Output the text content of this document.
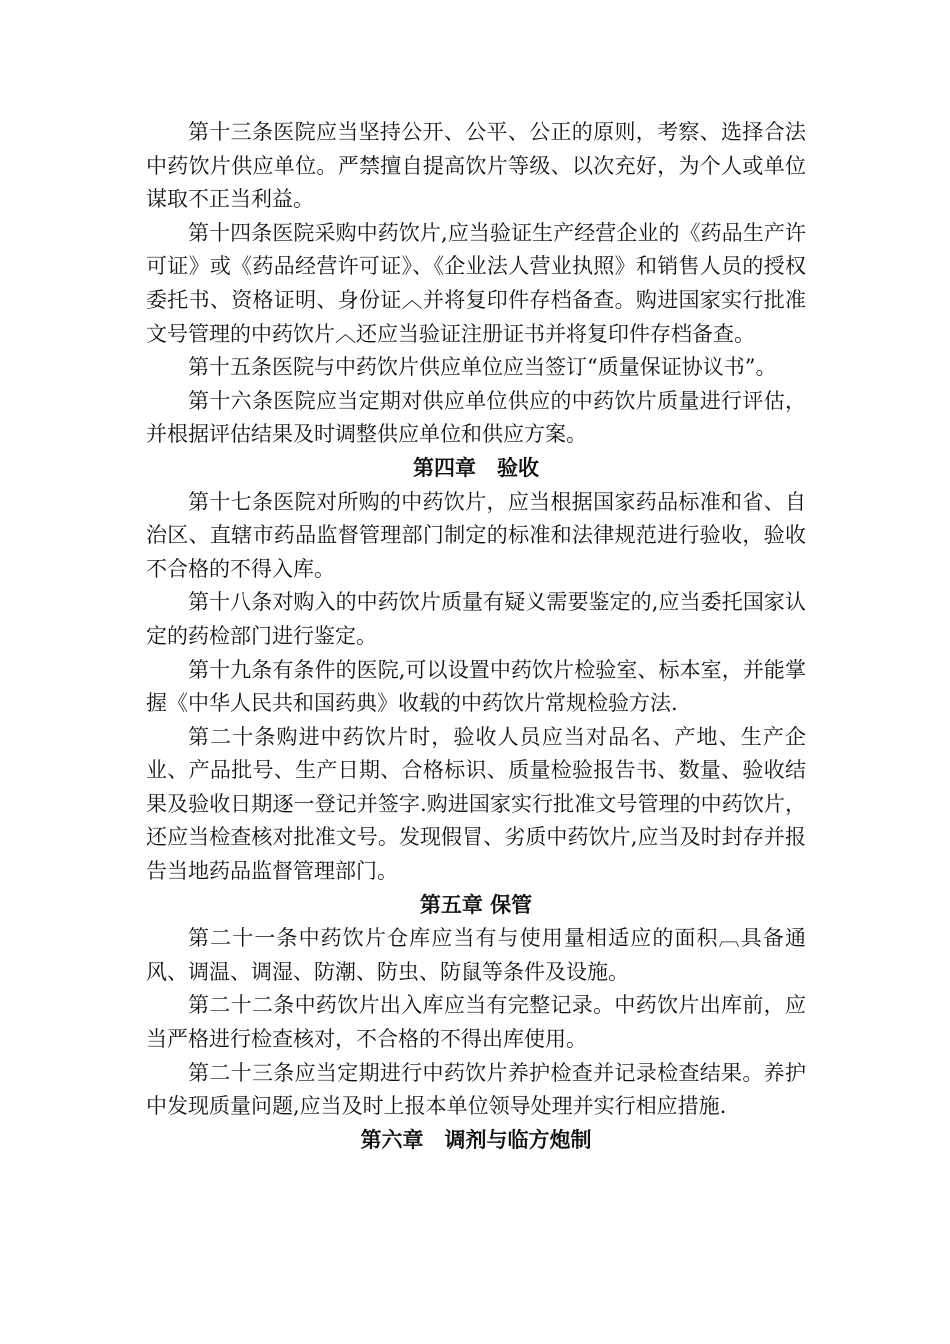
第十三条医院应当坚持公开、公平、公正的原则，考察、选择合法中药饮片供应单位。严禁擅自提高饮片等级、以次充好，为个人或单位谋取不正当利益。

第十四条医院采购中药饮片,应当验证生产经营企业的《药品生产许可证》或《药品经营许可证》、《企业法人营业执照》和销售人员的授权委托书、资格证明、身份证︿并将复印件存档备查。购进国家实行批准文号管理的中药饮片︿还应当验证注册证书并将复印件存档备查。

第十五条医院与中药饮片供应单位应当签订“质量保证协议书”。

第十六条医院应当定期对供应单位供应的中药饮片质量进行评估，并根据评估结果及时调整供应单位和供应方案。

第四章　验收

第十七条医院对所购的中药饮片，应当根据国家药品标准和省、自治区、直辖市药品监督管理部门制定的标准和法律规范进行验收，验收不合格的不得入库。

第十八条对购入的中药饮片质量有疑义需要鉴定的,应当委托国家认定的药检部门进行鉴定。

第十九条有条件的医院,可以设置中药饮片检验室、标本室，并能掌握《中华人民共和国药典》收载的中药饮片常规检验方法.

第二十条购进中药饮片时，验收人员应当对品名、产地、生产企业、产品批号、生产日期、合格标识、质量检验报告书、数量、验收结果及验收日期逐一登记并签字.购进国家实行批准文号管理的中药饮片，还应当检查核对批准文号。发现假冒、劣质中药饮片,应当及时封存并报告当地药品监督管理部门。

第五章 保管

第二十一条中药饮片仓库应当有与使用量相适应的面积︹具备通风、调温、调湿、防潮、防虫、防鼠等条件及设施。

第二十二条中药饮片出入库应当有完整记录。中药饮片出库前，应当严格进行检查核对，不合格的不得出库使用。

第二十三条应当定期进行中药饮片养护检查并记录检查结果。养护中发现质量问题,应当及时上报本单位领导处理并实行相应措施.

第六章　调剂与临方炮制
